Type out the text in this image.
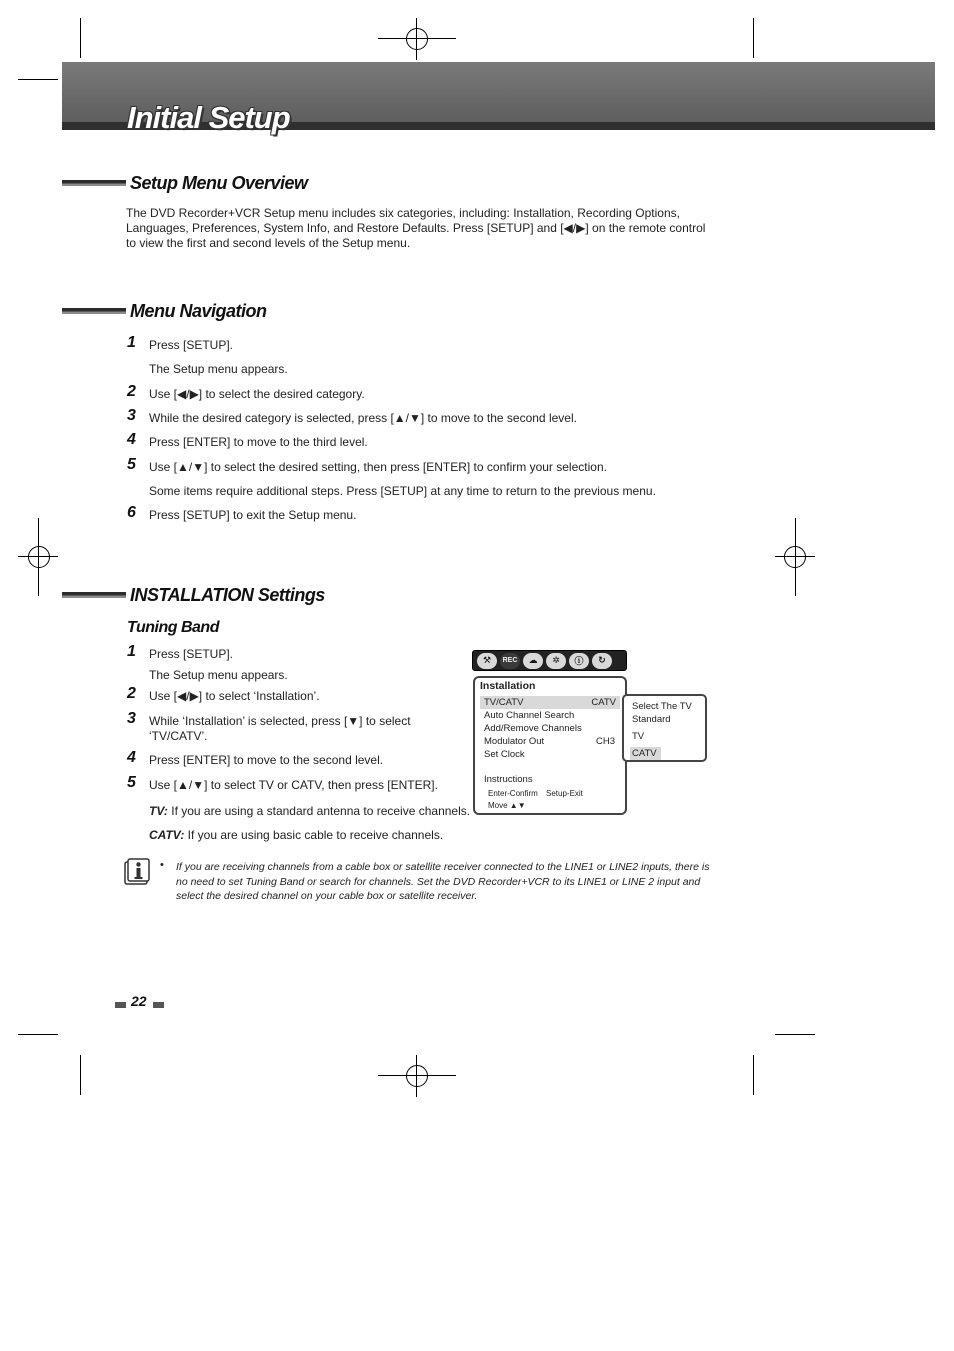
Initial Setup
Setup Menu Overview
The DVD Recorder+VCR Setup menu includes six categories, including: Installation, Recording Options, Languages, Preferences, System Info, and Restore Defaults. Press [SETUP] and [◀/▶] on the remote control to view the first and second levels of the Setup menu.
Menu Navigation
1 Press [SETUP].
The Setup menu appears.
2 Use [◀/▶] to select the desired category.
3 While the desired category is selected, press [▲/▼] to move to the second level.
4 Press [ENTER] to move to the third level.
5 Use [▲/▼] to select the desired setting, then press [ENTER] to confirm your selection.
Some items require additional steps. Press [SETUP] at any time to return to the previous menu.
6 Press [SETUP] to exit the Setup menu.
INSTALLATION Settings
Tuning Band
1 Press [SETUP].
The Setup menu appears.
2 Use [◀/▶] to select ‘Installation’.
3 While ‘Installation’ is selected, press [▼] to select
‘TV/CATV’.
4 Press [ENTER] to move to the second level.
5 Use [▲/▼] to select TV or CATV, then press [ENTER].
TV: If you are using a standard antenna to receive channels.
CATV: If you are using basic cable to receive channels.
⚒	REC	☁	✲	ⓘ	↻
Installation
TV/CATV	CATV
Auto Channel Search
Add/Remove Channels
Modulator Out	CH3
Set Clock
Instructions
Enter-Confirm Setup-Exit
Move ▲▼
Select The TV
Standard
TV
CATV
• If you are receiving channels from a cable box or satellite receiver connected to the LINE1 or LINE2 inputs, there is no need to set Tuning Band or search for channels. Set the DVD Recorder+VCR to its LINE1 or LINE 2 input and select the desired channel on your cable box or satellite receiver.
22
